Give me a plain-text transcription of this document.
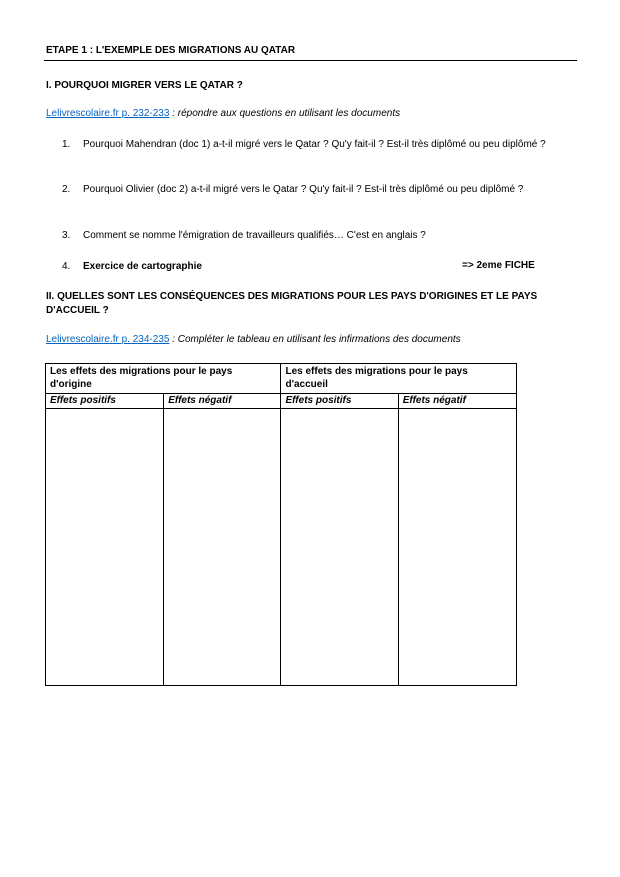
ETAPE 1 : L'EXEMPLE DES MIGRATIONS AU QATAR
I. POURQUOI MIGRER VERS LE QATAR ?
Lelivrescolaire.fr p. 232-233 : répondre aux questions en utilisant les documents
1. Pourquoi Mahendran (doc 1) a-t-il migré vers le Qatar ? Qu'y fait-il ? Est-il très diplômé ou peu diplômé ?
2. Pourquoi Olivier (doc 2) a-t-il migré vers le Qatar ? Qu'y fait-il ? Est-il très diplômé ou peu diplômé ?
3. Comment se nomme l'émigration de travailleurs qualifiés… C'est en anglais ?
4. Exercice de cartographie	=> 2eme FICHE
II. QUELLES SONT LES CONSÉQUENCES DES MIGRATIONS POUR LES PAYS D'ORIGINES ET LE PAYS D'ACCUEIL ?
Lelivrescolaire.fr p. 234-235 : Compléter le tableau en utilisant les infirmations des documents
Les effets des migrations pour le pays d'origine		Les effets des migrations pour le pays d'accueil	
Effets positifs	Effets négatif	Effets positifs	Effets négatif
